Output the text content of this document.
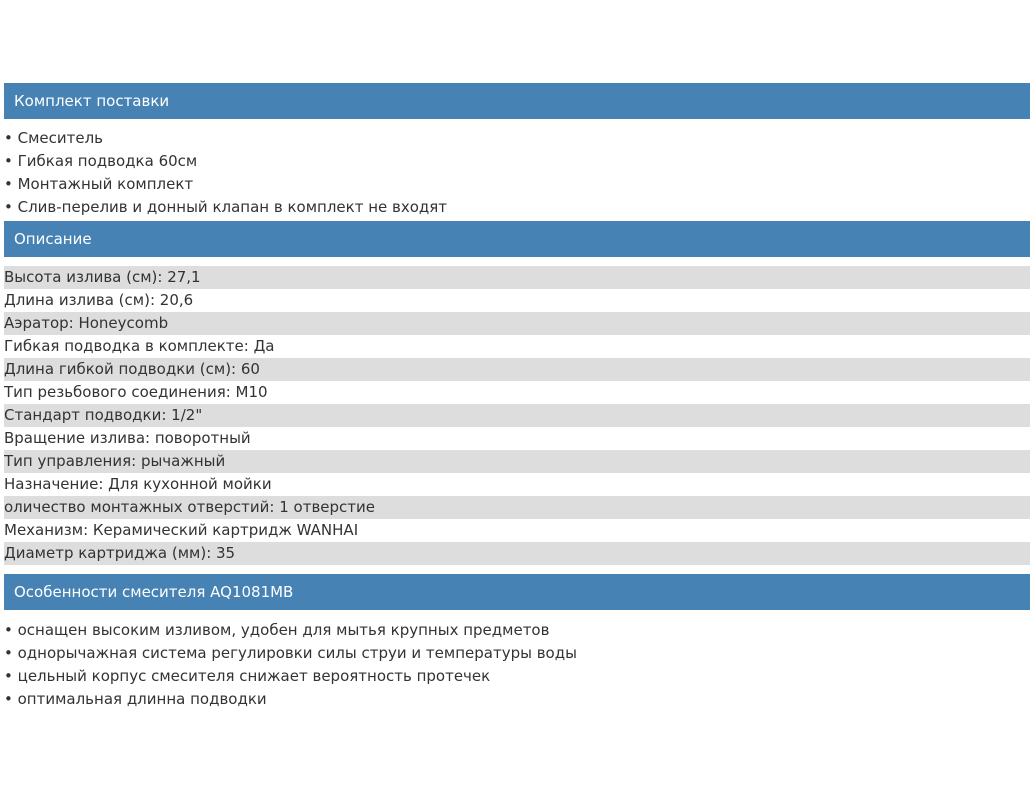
Комплект поставки
• Смеситель
• Гибкая подводка 60см
• Монтажный комплект
• Слив-перелив и донный клапан в комплект не входят
Описание
Высота излива (см): 27,1
Длина излива (см): 20,6
Аэратор: Honeycomb
Гибкая подводка в комплекте: Да
Длина гибкой подводки (см): 60
Тип резьбового соединения: М10
Стандарт подводки: 1/2"
Вращение излива: поворотный
Тип управления: рычажный
Назначение: Для кухонной мойки
оличество монтажных отверстий: 1 отверстие
Механизм: Керамический картридж WANHAI
Диаметр картриджа (мм): 35
Особенности смесителя AQ1081MB
• оснащен высоким изливом, удобен для мытья крупных предметов
• однорычажная система регулировки силы струи и температуры воды
• цельный корпус смесителя снижает вероятность протечек
• оптимальная длинна подводки
